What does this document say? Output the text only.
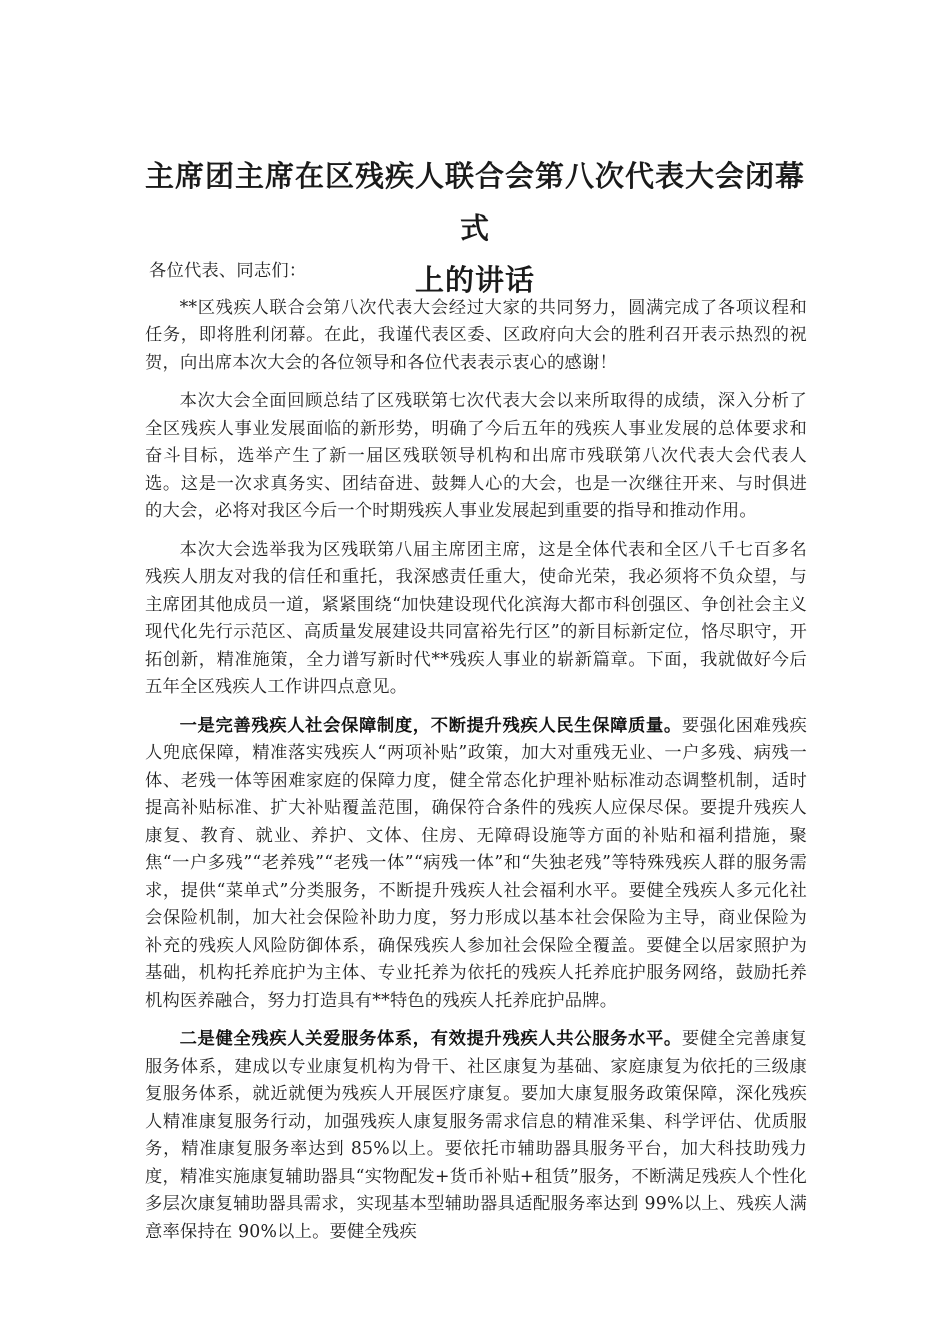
主席团主席在区残疾人联合会第八次代表大会闭幕式
上的讲话

各位代表、同志们：

**区残疾人联合会第八次代表大会经过大家的共同努力，圆满完成了各项议程和任务，即将胜利闭幕。在此，我谨代表区委、区政府向大会的胜利召开表示热烈的祝贺，向出席本次大会的各位领导和各位代表表示衷心的感谢！

本次大会全面回顾总结了区残联第七次代表大会以来所取得的成绩，深入分析了全区残疾人事业发展面临的新形势，明确了今后五年的残疾人事业发展的总体要求和奋斗目标，选举产生了新一届区残联领导机构和出席市残联第八次代表大会代表人选。这是一次求真务实、团结奋进、鼓舞人心的大会，也是一次继往开来、与时俱进的大会，必将对我区今后一个时期残疾人事业发展起到重要的指导和推动作用。

本次大会选举我为区残联第八届主席团主席，这是全体代表和全区八千七百多名残疾人朋友对我的信任和重托，我深感责任重大，使命光荣，我必须将不负众望，与主席团其他成员一道，紧紧围绕“加快建设现代化滨海大都市科创强区、争创社会主义现代化先行示范区、高质量发展建设共同富裕先行区”的新目标新定位，恪尽职守，开拓创新，精准施策，全力谱写新时代**残疾人事业的崭新篇章。下面，我就做好今后五年全区残疾人工作讲四点意见。

一是完善残疾人社会保障制度，不断提升残疾人民生保障质量。要强化困难残疾人兜底保障，精准落实残疾人“两项补贴”政策，加大对重残无业、一户多残、病残一体、老残一体等困难家庭的保障力度，健全常态化护理补贴标准动态调整机制，适时提高补贴标准、扩大补贴覆盖范围，确保符合条件的残疾人应保尽保。要提升残疾人康复、教育、就业、养护、文体、住房、无障碍设施等方面的补贴和福利措施，聚焦“一户多残”“老养残”“老残一体”“病残一体”和“失独老残”等特殊残疾人群的服务需求，提供“菜单式”分类服务，不断提升残疾人社会福利水平。要健全残疾人多元化社会保险机制，加大社会保险补助力度，努力形成以基本社会保险为主导，商业保险为补充的残疾人风险防御体系，确保残疾人参加社会保险全覆盖。要健全以居家照护为基础，机构托养庇护为主体、专业托养为依托的残疾人托养庇护服务网络，鼓励托养机构医养融合，努力打造具有**特色的残疾人托养庇护品牌。

二是健全残疾人关爱服务体系，有效提升残疾人共公服务水平。要健全完善康复服务体系，建成以专业康复机构为骨干、社区康复为基础、家庭康复为依托的三级康复服务体系，就近就便为残疾人开展医疗康复。要加大康复服务政策保障，深化残疾人精准康复服务行动，加强残疾人康复服务需求信息的精准采集、科学评估、优质服务，精准康复服务率达到 85%以上。要依托市辅助器具服务平台，加大科技助残力度，精准实施康复辅助器具“实物配发+货币补贴+租赁”服务，不断满足残疾人个性化多层次康复辅助器具需求，实现基本型辅助器具适配服务率达到 99%以上、残疾人满意率保持在 90%以上。要健全残疾
